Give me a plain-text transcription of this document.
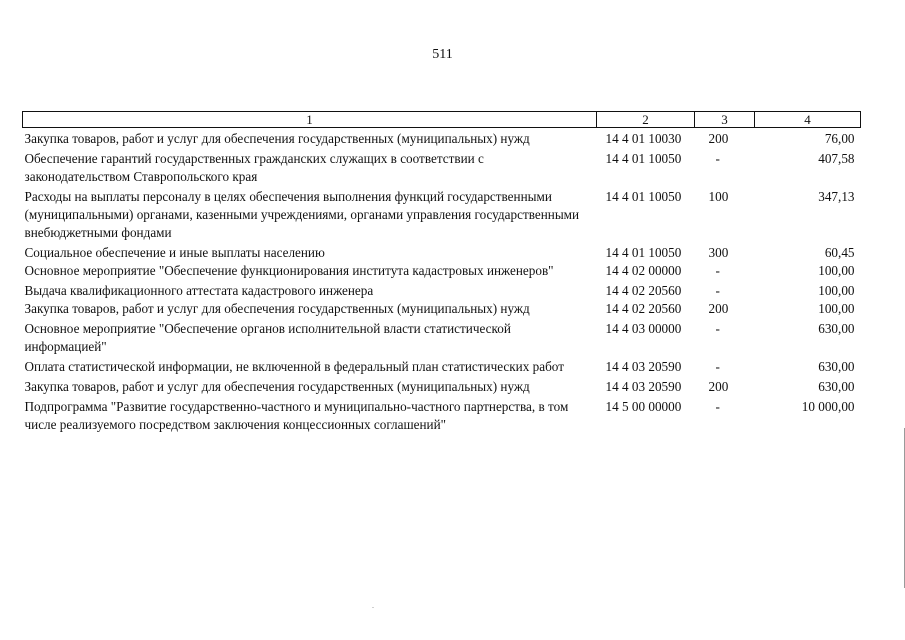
511
1	2	3	4
Закупка товаров, работ и услуг для обеспечения государственных (муниципальных) нужд	14 4 01 10030	200	76,00
Обеспечение гарантий государственных гражданских служащих в соответствии с законодательством Ставропольского края	14 4 01 10050	-	407,58
Расходы на выплаты персоналу в целях обеспечения выполнения функций государственными (муниципальными) органами, казенными учреждениями, органами управления государственными внебюджетными фондами	14 4 01 10050	100	347,13
Социальное обеспечение и иные выплаты населению	14 4 01 10050	300	60,45
Основное мероприятие "Обеспечение функционирования института кадастровых инженеров"	14 4 02 00000	-	100,00
Выдача квалификационного аттестата кадастрового инженера	14 4 02 20560	-	100,00
Закупка товаров, работ и услуг для обеспечения государственных (муниципальных) нужд	14 4 02 20560	200	100,00
Основное мероприятие "Обеспечение органов исполнительной власти статистической информацией"	14 4 03 00000	-	630,00
Оплата статистической информации, не включенной в федеральный план статистических работ	14 4 03 20590	-	630,00
Закупка товаров, работ и услуг для обеспечения государственных (муниципальных) нужд	14 4 03 20590	200	630,00
Подпрограмма "Развитие государственно-частного и муниципально-частного партнерства, в том числе реализуемого посредством заключения концессионных соглашений"	14 5 00 00000	-	10 000,00
